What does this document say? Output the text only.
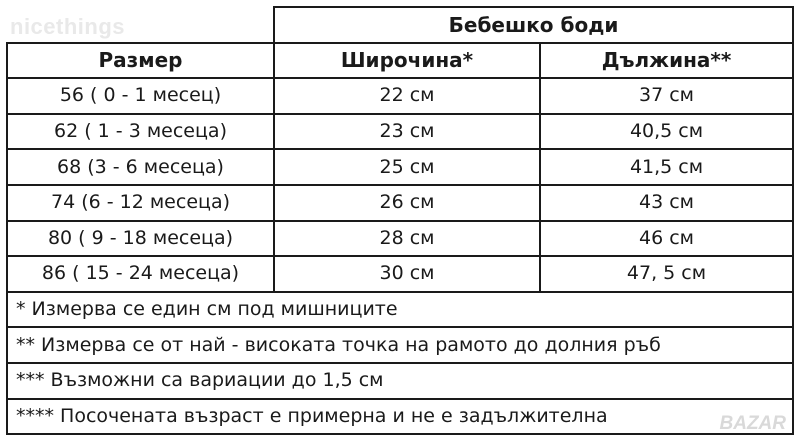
nicethings
		Бебешко боди	
Размер	Широчина*	Дължина**
56 ( 0 - 1 месец)	22 см	37 см
62 ( 1 - 3 месеца)	23 см	40,5 см
68 (3 - 6 месеца)	25 см	41,5 см
74 (6 - 12 месеца)	26 см	43 см
80 ( 9 - 18 месеца)	28 см	46 см
86 ( 15 - 24 месеца)	30 см	47, 5 см
* Измерва се един см под мишниците		
** Измерва се от най - високата точка на рамото до долния ръб		
*** Възможни са вариации до 1,5 см		
**** Посочената възраст е примерна и не е задължителна			BAZAR
